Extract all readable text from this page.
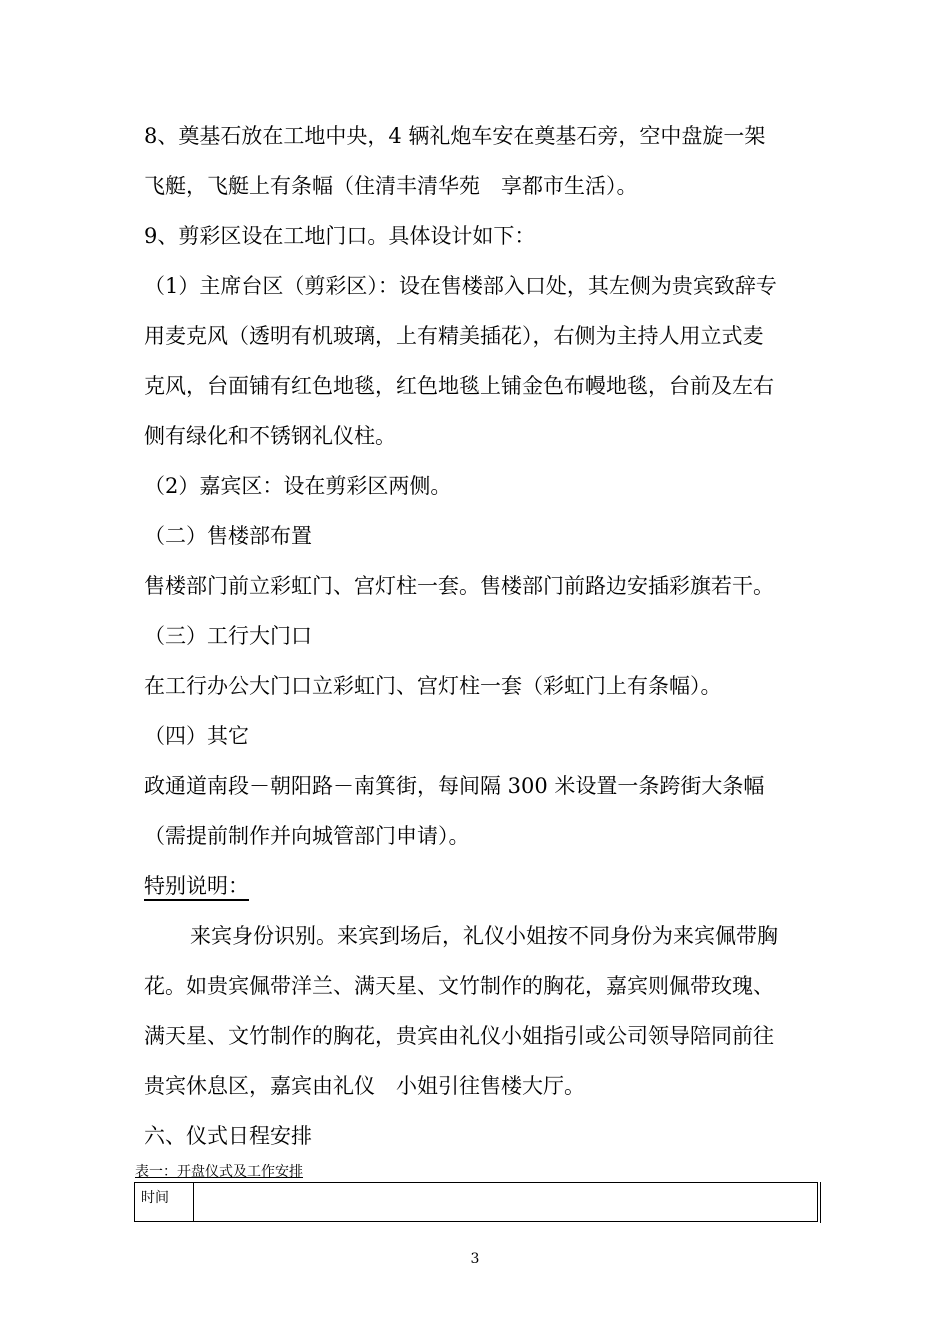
8、奠基石放在工地中央，4 辆礼炮车安在奠基石旁，空中盘旋一架
飞艇，飞艇上有条幅（住清丰清华苑　享都市生活）。
9、剪彩区设在工地门口。具体设计如下：
（1）主席台区（剪彩区）：设在售楼部入口处，其左侧为贵宾致辞专
用麦克风（透明有机玻璃，上有精美插花），右侧为主持人用立式麦
克风，台面铺有红色地毯，红色地毯上铺金色布幔地毯，台前及左右
侧有绿化和不锈钢礼仪柱。
（2）嘉宾区：设在剪彩区两侧。
（二）售楼部布置
售楼部门前立彩虹门、宫灯柱一套。售楼部门前路边安插彩旗若干。
（三）工行大门口
在工行办公大门口立彩虹门、宫灯柱一套（彩虹门上有条幅）。
（四）其它
政通道南段－朝阳路－南箕街，每间隔 300 米设置一条跨街大条幅
（需提前制作并向城管部门申请）。
特别说明：
来宾身份识别。来宾到场后，礼仪小姐按不同身份为来宾佩带胸
花。如贵宾佩带洋兰、满天星、文竹制作的胸花，嘉宾则佩带玫瑰、
满天星、文竹制作的胸花，贵宾由礼仪小姐指引或公司领导陪同前往
贵宾休息区，嘉宾由礼仪　小姐引往售楼大厅。
六、仪式日程安排
表一：开盘仪式及工作安排
时间	
3
